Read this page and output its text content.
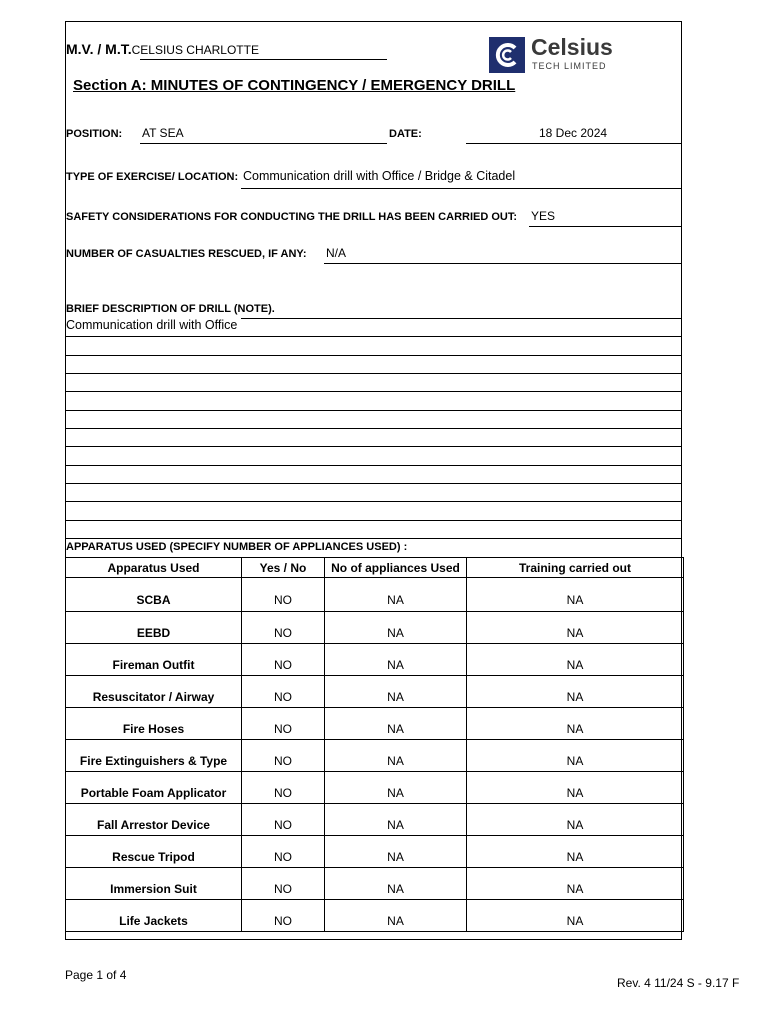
M.V. / M.T.CELSIUS CHARLOTTE	Celsius
TECH LIMITED
Section A: MINUTES OF CONTINGENCY / EMERGENCY DRILL
POSITION: AT SEA	DATE:	18 Dec 2024
TYPE OF EXERCISE/ LOCATION: Communication drill with Office / Bridge & Citadel
SAFETY CONSIDERATIONS FOR CONDUCTING THE DRILL HAS BEEN CARRIED OUT: YES
NUMBER OF CASUALTIES RESCUED, IF ANY: N/A
BRIEF DESCRIPTION OF DRILL (NOTE).
Communication drill with Office
APPARATUS USED (SPECIFY NUMBER OF APPLIANCES USED) :
Apparatus Used	Yes / No	No of appliances Used	Training carried out
SCBA	NO	NA	NA
EEBD	NO	NA	NA
Fireman Outfit	NO	NA	NA
Resuscitator / Airway	NO	NA	NA
Fire Hoses	NO	NA	NA
Fire Extinguishers & Type	NO	NA	NA
Portable Foam Applicator	NO	NA	NA
Fall Arrestor Device	NO	NA	NA
Rescue Tripod	NO	NA	NA
Immersion Suit	NO	NA	NA
Life Jackets	NO	NA	NA
Page 1 of 4
Rev. 4 11/24 S - 9.17 F
